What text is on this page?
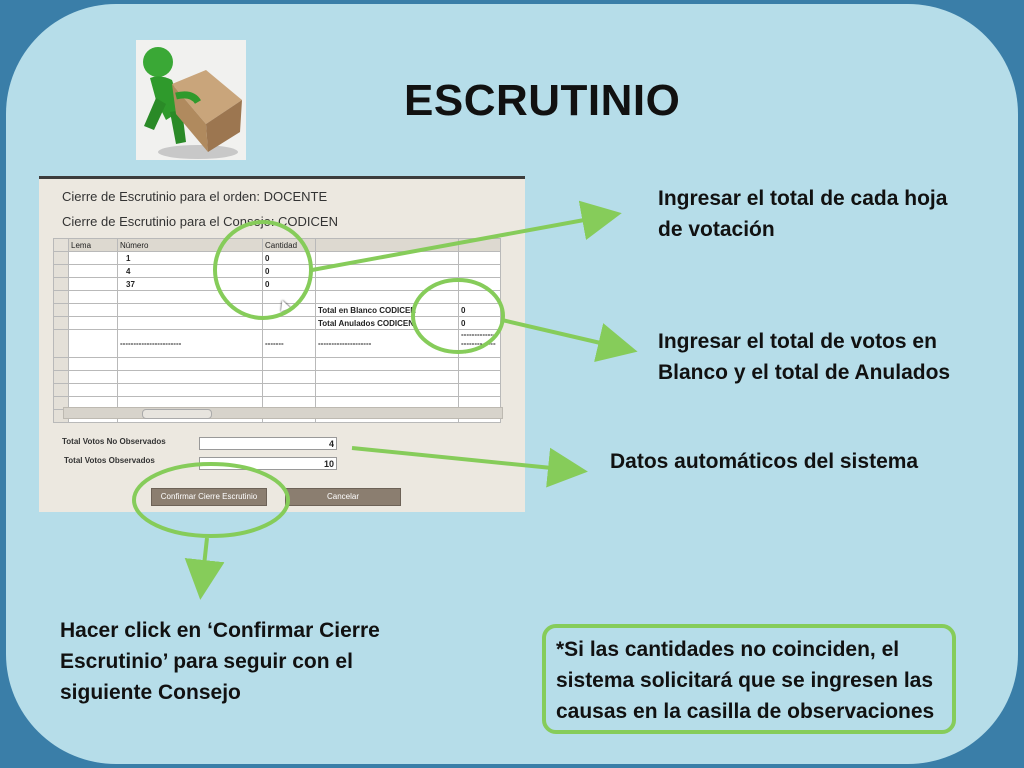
ESCRUTINIO
Cierre de Escrutinio para el orden: DOCENTE
Cierre de Escrutinio para el Consejo: CODICEN
	Lema	Número	Cantidad		
		1	0		
		4	0		
		37	0		

				Total en Blanco CODICEN	0
				Total Anulados CODICEN	0
		-----------------------	-------	--------------------	----------------------------

Total Votos No Observados	4
Total Votos Observados	10
Confirmar Cierre Escrutinio	Cancelar
Ingresar el total de cada hoja de votación
Ingresar el total de votos en Blanco y el total de Anulados
Datos automáticos del sistema
Hacer click en ‘Confirmar Cierre Escrutinio’ para seguir con el siguiente Consejo
*Si las cantidades no coinciden, el sistema solicitará que se ingresen las causas en la casilla de observaciones
